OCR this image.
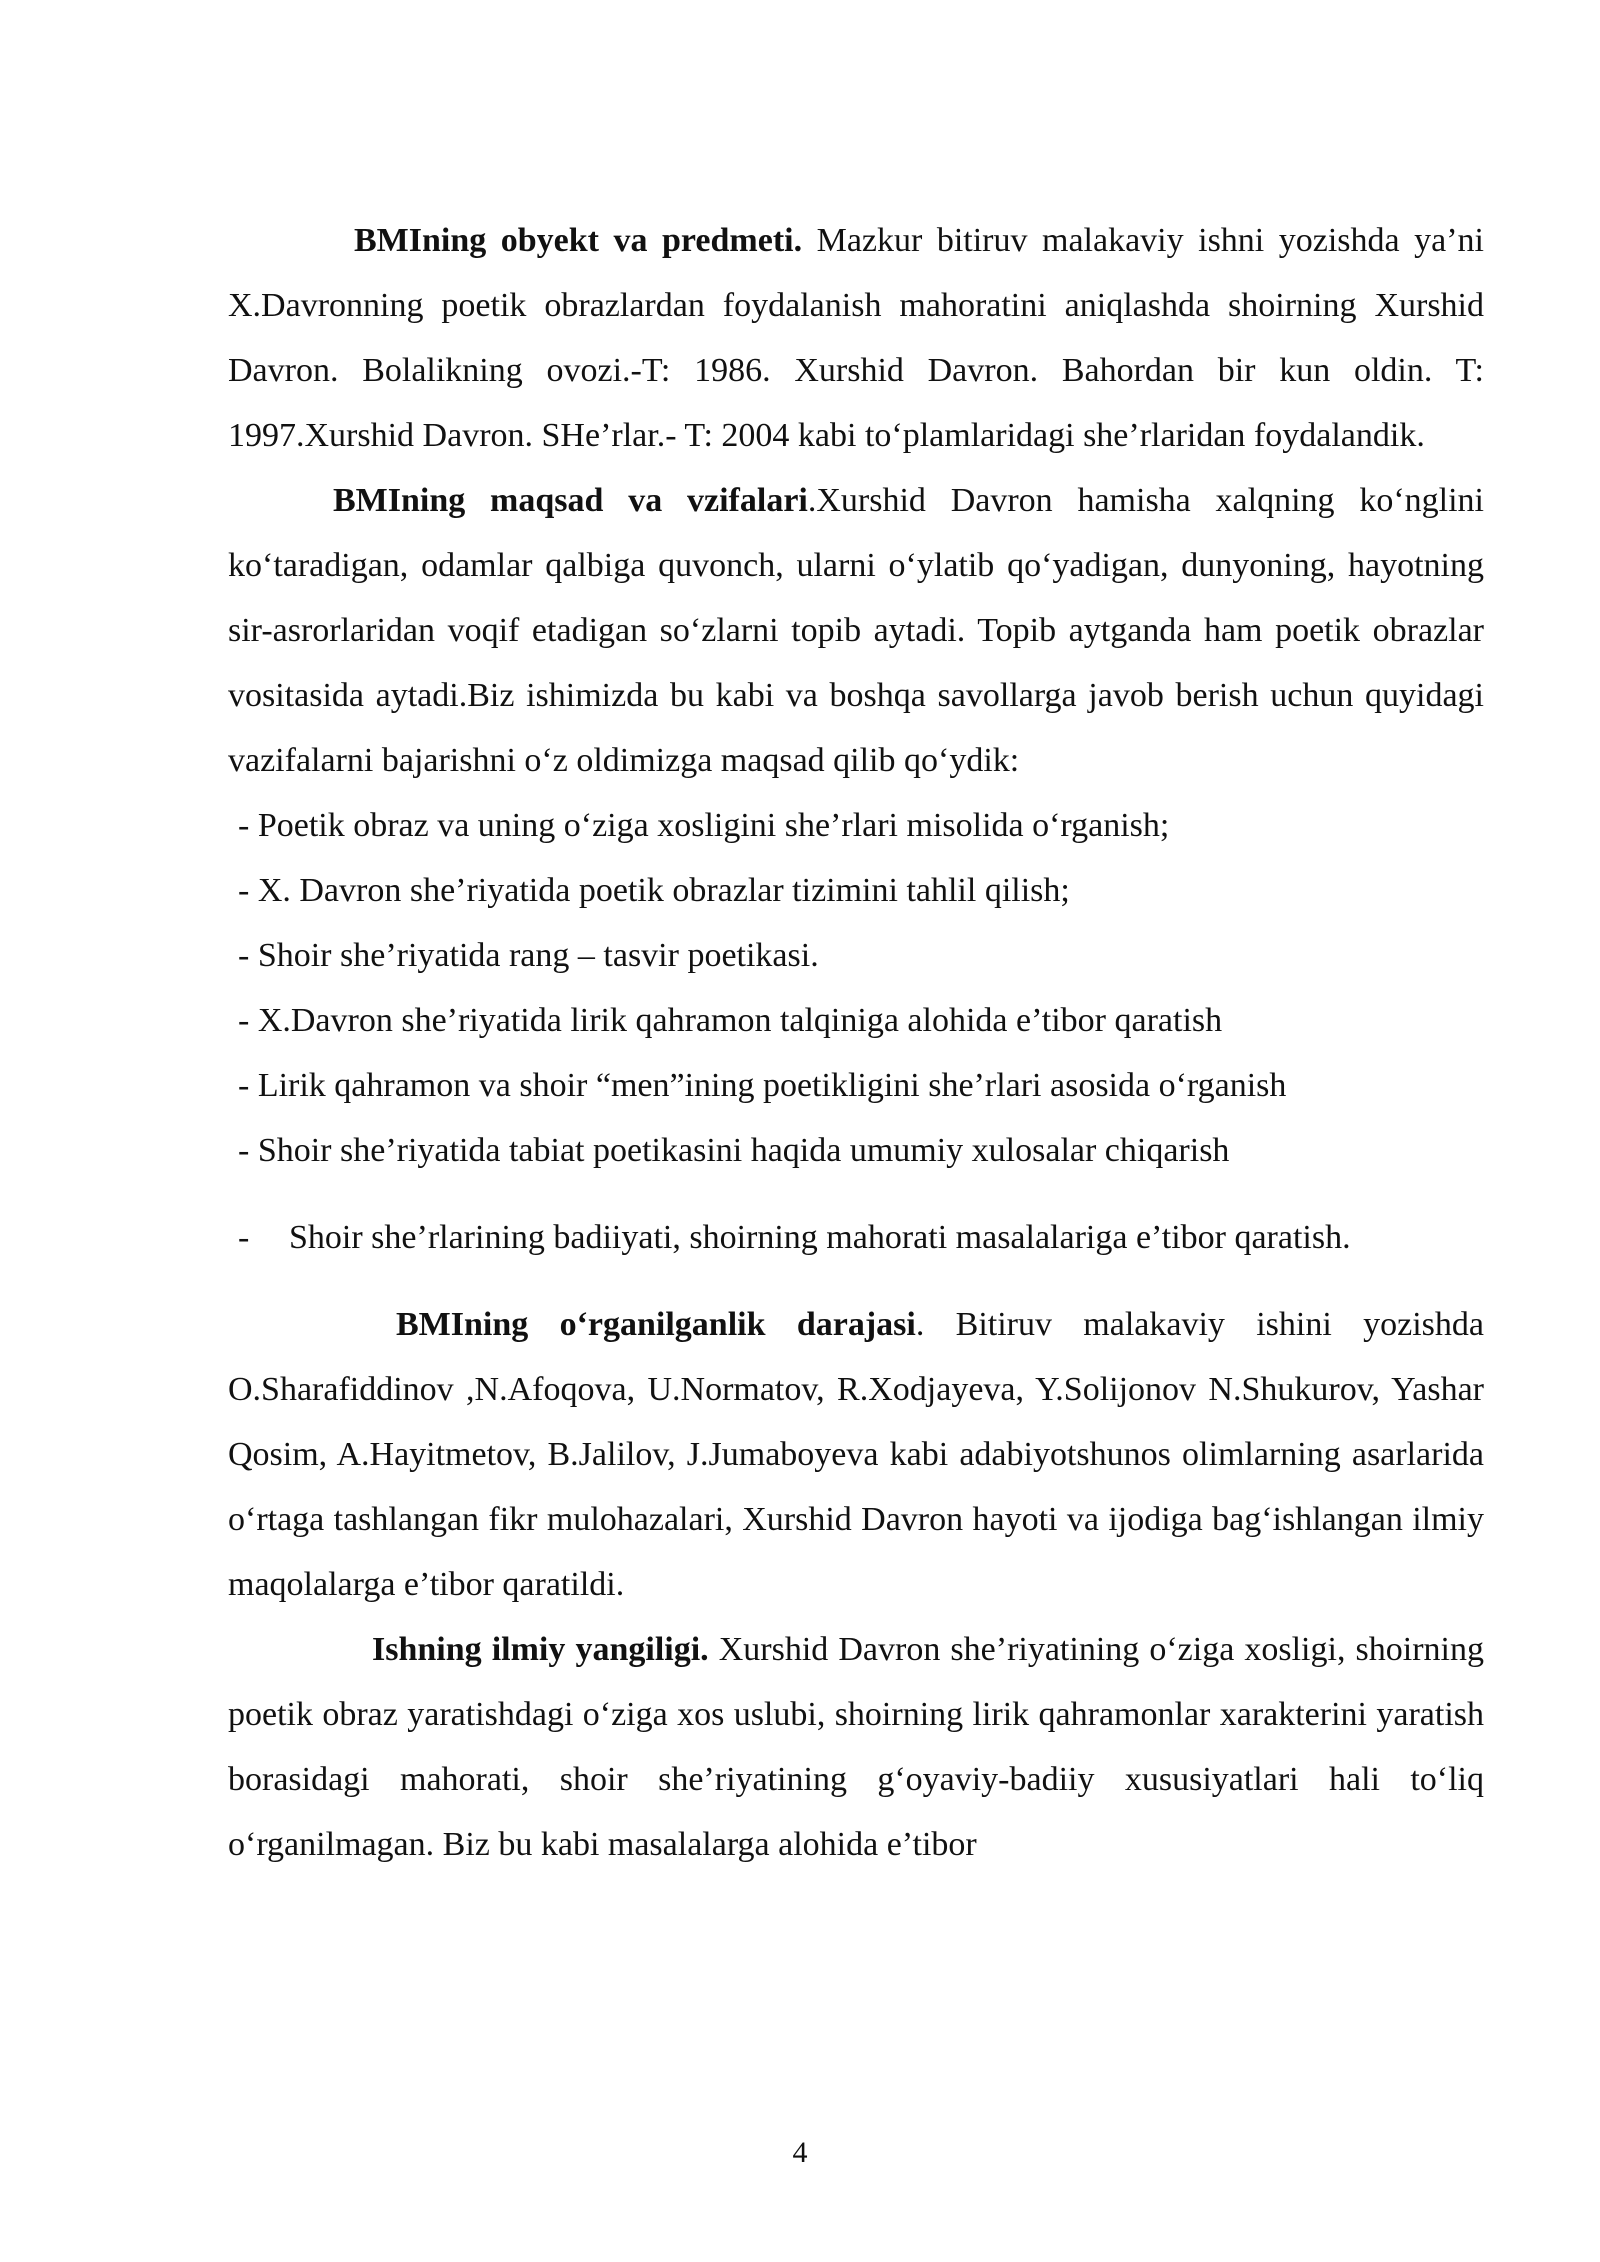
BMIning obyekt va predmeti. Mazkur bitiruv malakaviy ishni yozishda ya’ni X.Davronning poetik obrazlardan foydalanish mahoratini aniqlashda shoirning Xurshid Davron. Bolalikning ovozi.-T: 1986. Xurshid Davron. Bahordan bir kun oldin. T: 1997.Xurshid Davron. SHe’rlar.- T: 2004 kabi to‘plamlaridagi she’rlaridan foydalandik.

BMIning maqsad va vzifalari.Xurshid Davron hamisha xalqning ko‘nglini ko‘taradigan, odamlar qalbiga quvonch, ularni o‘ylatib qo‘yadigan, dunyoning, hayotning sir-asrorlaridan voqif etadigan so‘zlarni topib aytadi. Topib aytganda ham poetik obrazlar vositasida aytadi.Biz ishimizda bu kabi va boshqa savollarga javob berish uchun quyidagi vazifalarni bajarishni o‘z oldimizga maqsad qilib qo‘ydik:

- Poetik obraz va uning o‘ziga xosligini she’rlari misolida o‘rganish;
- X. Davron she’riyatida poetik obrazlar tizimini tahlil qilish;
- Shoir she’riyatida rang – tasvir poetikasi.
- X.Davron she’riyatida lirik qahramon talqiniga alohida e’tibor qaratish
- Lirik qahramon va shoir “men”ining poetikligini she’rlari asosida o‘rganish
- Shoir she’riyatida tabiat poetikasini haqida umumiy xulosalar chiqarish
- Shoir she’rlarining badiiyati, shoirning mahorati masalalariga e’tibor qaratish.

BMIning o‘rganilganlik darajasi. Bitiruv malakaviy ishini yozishda O.Sharafiddinov ,N.Afoqova, U.Normatov, R.Xodjayeva, Y.Solijonov N.Shukurov, Yashar Qosim, A.Hayitmetov, B.Jalilov, J.Jumaboyeva kabi adabiyotshunos olimlarning asarlarida o‘rtaga tashlangan fikr mulohazalari, Xurshid Davron hayoti va ijodiga bag‘ishlangan ilmiy maqolalarga e’tibor qaratildi.

Ishning ilmiy yangiligi. Xurshid Davron she’riyatining o‘ziga xosligi, shoirning poetik obraz yaratishdagi o‘ziga xos uslubi, shoirning lirik qahramonlar xarakterini yaratish borasidagi mahorati, shoir she’riyatining g‘oyaviy-badiiy xususiyatlari hali to‘liq o‘rganilmagan. Biz bu kabi masalalarga alohida e’tibor

4
